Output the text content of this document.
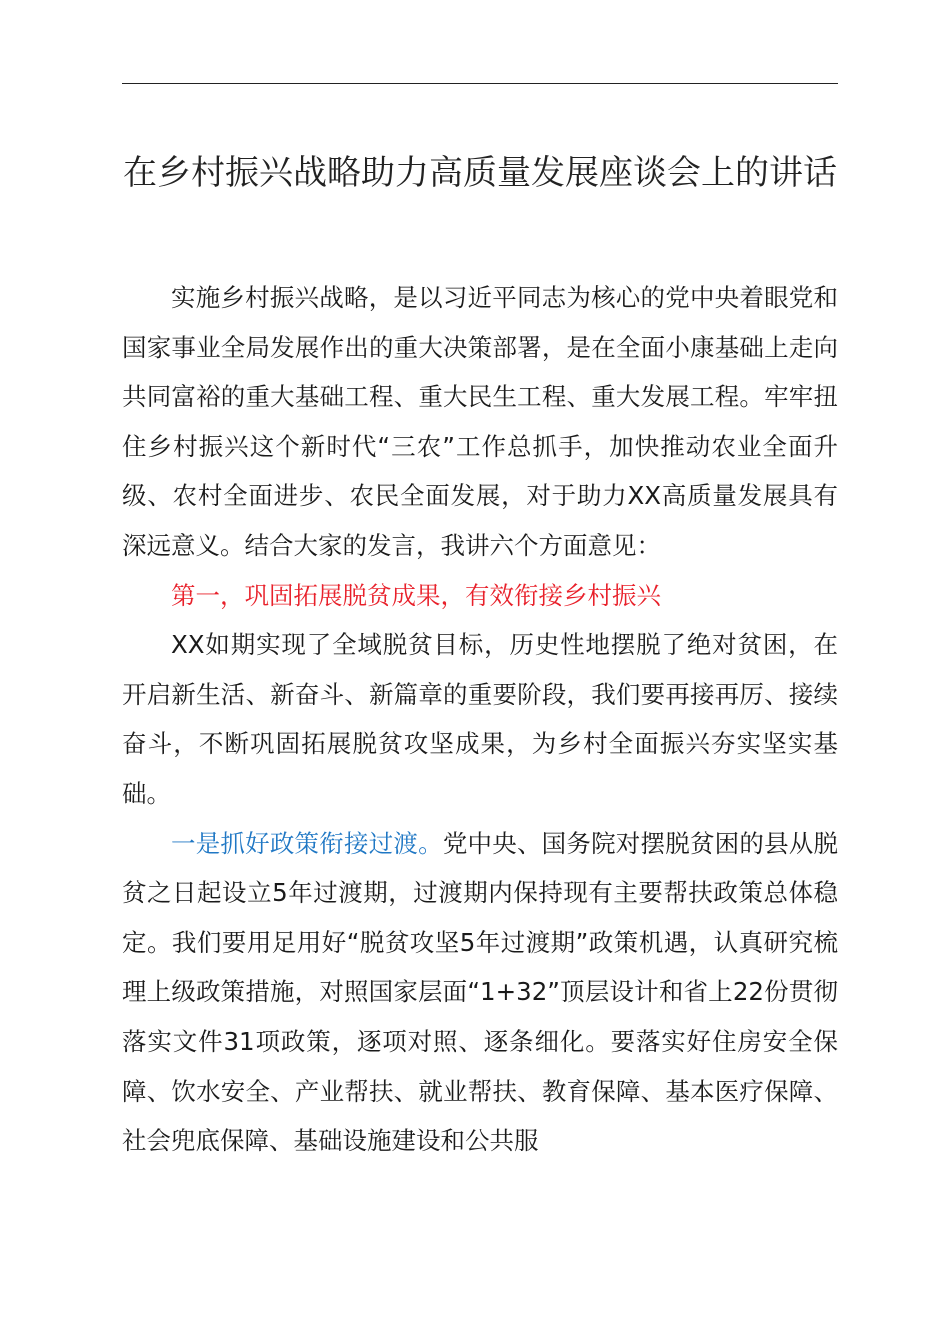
在乡村振兴战略助力高质量发展座谈会上的讲话

实施乡村振兴战略，是以习近平同志为核心的党中央着眼党和国家事业全局发展作出的重大决策部署，是在全面小康基础上走向共同富裕的重大基础工程、重大民生工程、重大发展工程。牢牢扭住乡村振兴这个新时代“三农”工作总抓手，加快推动农业全面升级、农村全面进步、农民全面发展，对于助力XX高质量发展具有深远意义。结合大家的发言，我讲六个方面意见：

第一，巩固拓展脱贫成果，有效衔接乡村振兴

XX如期实现了全域脱贫目标，历史性地摆脱了绝对贫困，在开启新生活、新奋斗、新篇章的重要阶段，我们要再接再厉、接续奋斗，不断巩固拓展脱贫攻坚成果，为乡村全面振兴夯实坚实基础。

一是抓好政策衔接过渡。党中央、国务院对摆脱贫困的县从脱贫之日起设立5年过渡期，过渡期内保持现有主要帮扶政策总体稳定。我们要用足用好“脱贫攻坚5年过渡期”政策机遇，认真研究梳理上级政策措施，对照国家层面“1+32”顶层设计和省上22份贯彻落实文件31项政策，逐项对照、逐条细化。要落实好住房安全保障、饮水安全、产业帮扶、就业帮扶、教育保障、基本医疗保障、社会兜底保障、基础设施建设和公共服
